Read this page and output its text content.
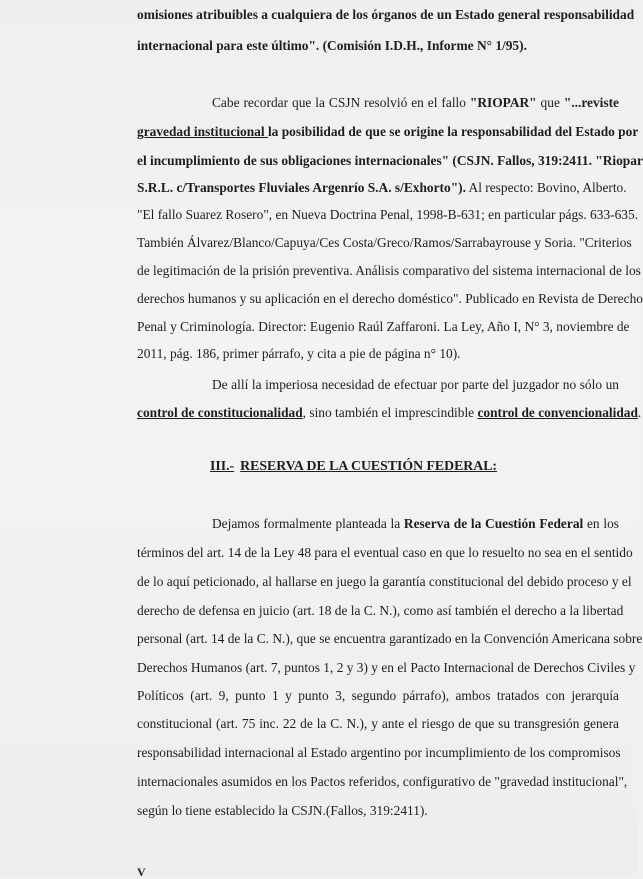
omisiones atribuibles a cualquiera de los órganos de un Estado general responsabilidad
internacional para este último". (Comisión I.D.H., Informe N° 1/95).
Cabe recordar que la CSJN resolvió en el fallo "RIOPAR" que "...reviste
gravedad institucional la posibilidad de que se origine la responsabilidad del Estado por
el incumplimiento de sus obligaciones internacionales" (CSJN. Fallos, 319:2411. "Riopar
S.R.L. c/Transportes Fluviales Argenrío S.A. s/Exhorto"). Al respecto: Bovino, Alberto.
"El fallo Suarez Rosero", en Nueva Doctrina Penal, 1998-B-631; en particular págs. 633-635.
También Álvarez/Blanco/Capuya/Ces Costa/Greco/Ramos/Sarrabayrouse y Soria. "Criterios
de legitimación de la prisión preventiva. Análisis comparativo del sistema internacional de los
derechos humanos y su aplicación en el derecho doméstico". Publicado en Revista de Derecho
Penal y Criminología. Director: Eugenio Raúl Zaffaroni. La Ley, Año I, N° 3, noviembre de
2011, pág. 186, primer párrafo, y cita a pie de página n° 10).
De allí la imperiosa necesidad de efectuar por parte del juzgador no sólo un
control de constitucionalidad, sino también el imprescindible control de convencionalidad.
III.- RESERVA DE LA CUESTIÓN FEDERAL:
Dejamos formalmente planteada la Reserva de la Cuestión Federal en los
términos del art. 14 de la Ley 48 para el eventual caso en que lo resuelto no sea en el sentido
de lo aquí peticionado, al hallarse en juego la garantía constitucional del debido proceso y el
derecho de defensa en juicio (art. 18 de la C. N.), como así también el derecho a la libertad
personal (art. 14 de la C. N.), que se encuentra garantizado en la Convención Americana sobre
Derechos Humanos (art. 7, puntos 1, 2 y 3) y en el Pacto Internacional de Derechos Civiles y
Políticos (art. 9, punto 1 y punto 3, segundo párrafo), ambos tratados con jerarquía
constitucional (art. 75 inc. 22 de la C. N.), y ante el riesgo de que su transgresión genera
responsabilidad internacional al Estado argentino por incumplimiento de los compromisos
internacionales asumidos en los Pactos referidos, configurativo de "gravedad institucional",
según lo tiene establecido la CSJN.(Fallos, 319:2411).
V
